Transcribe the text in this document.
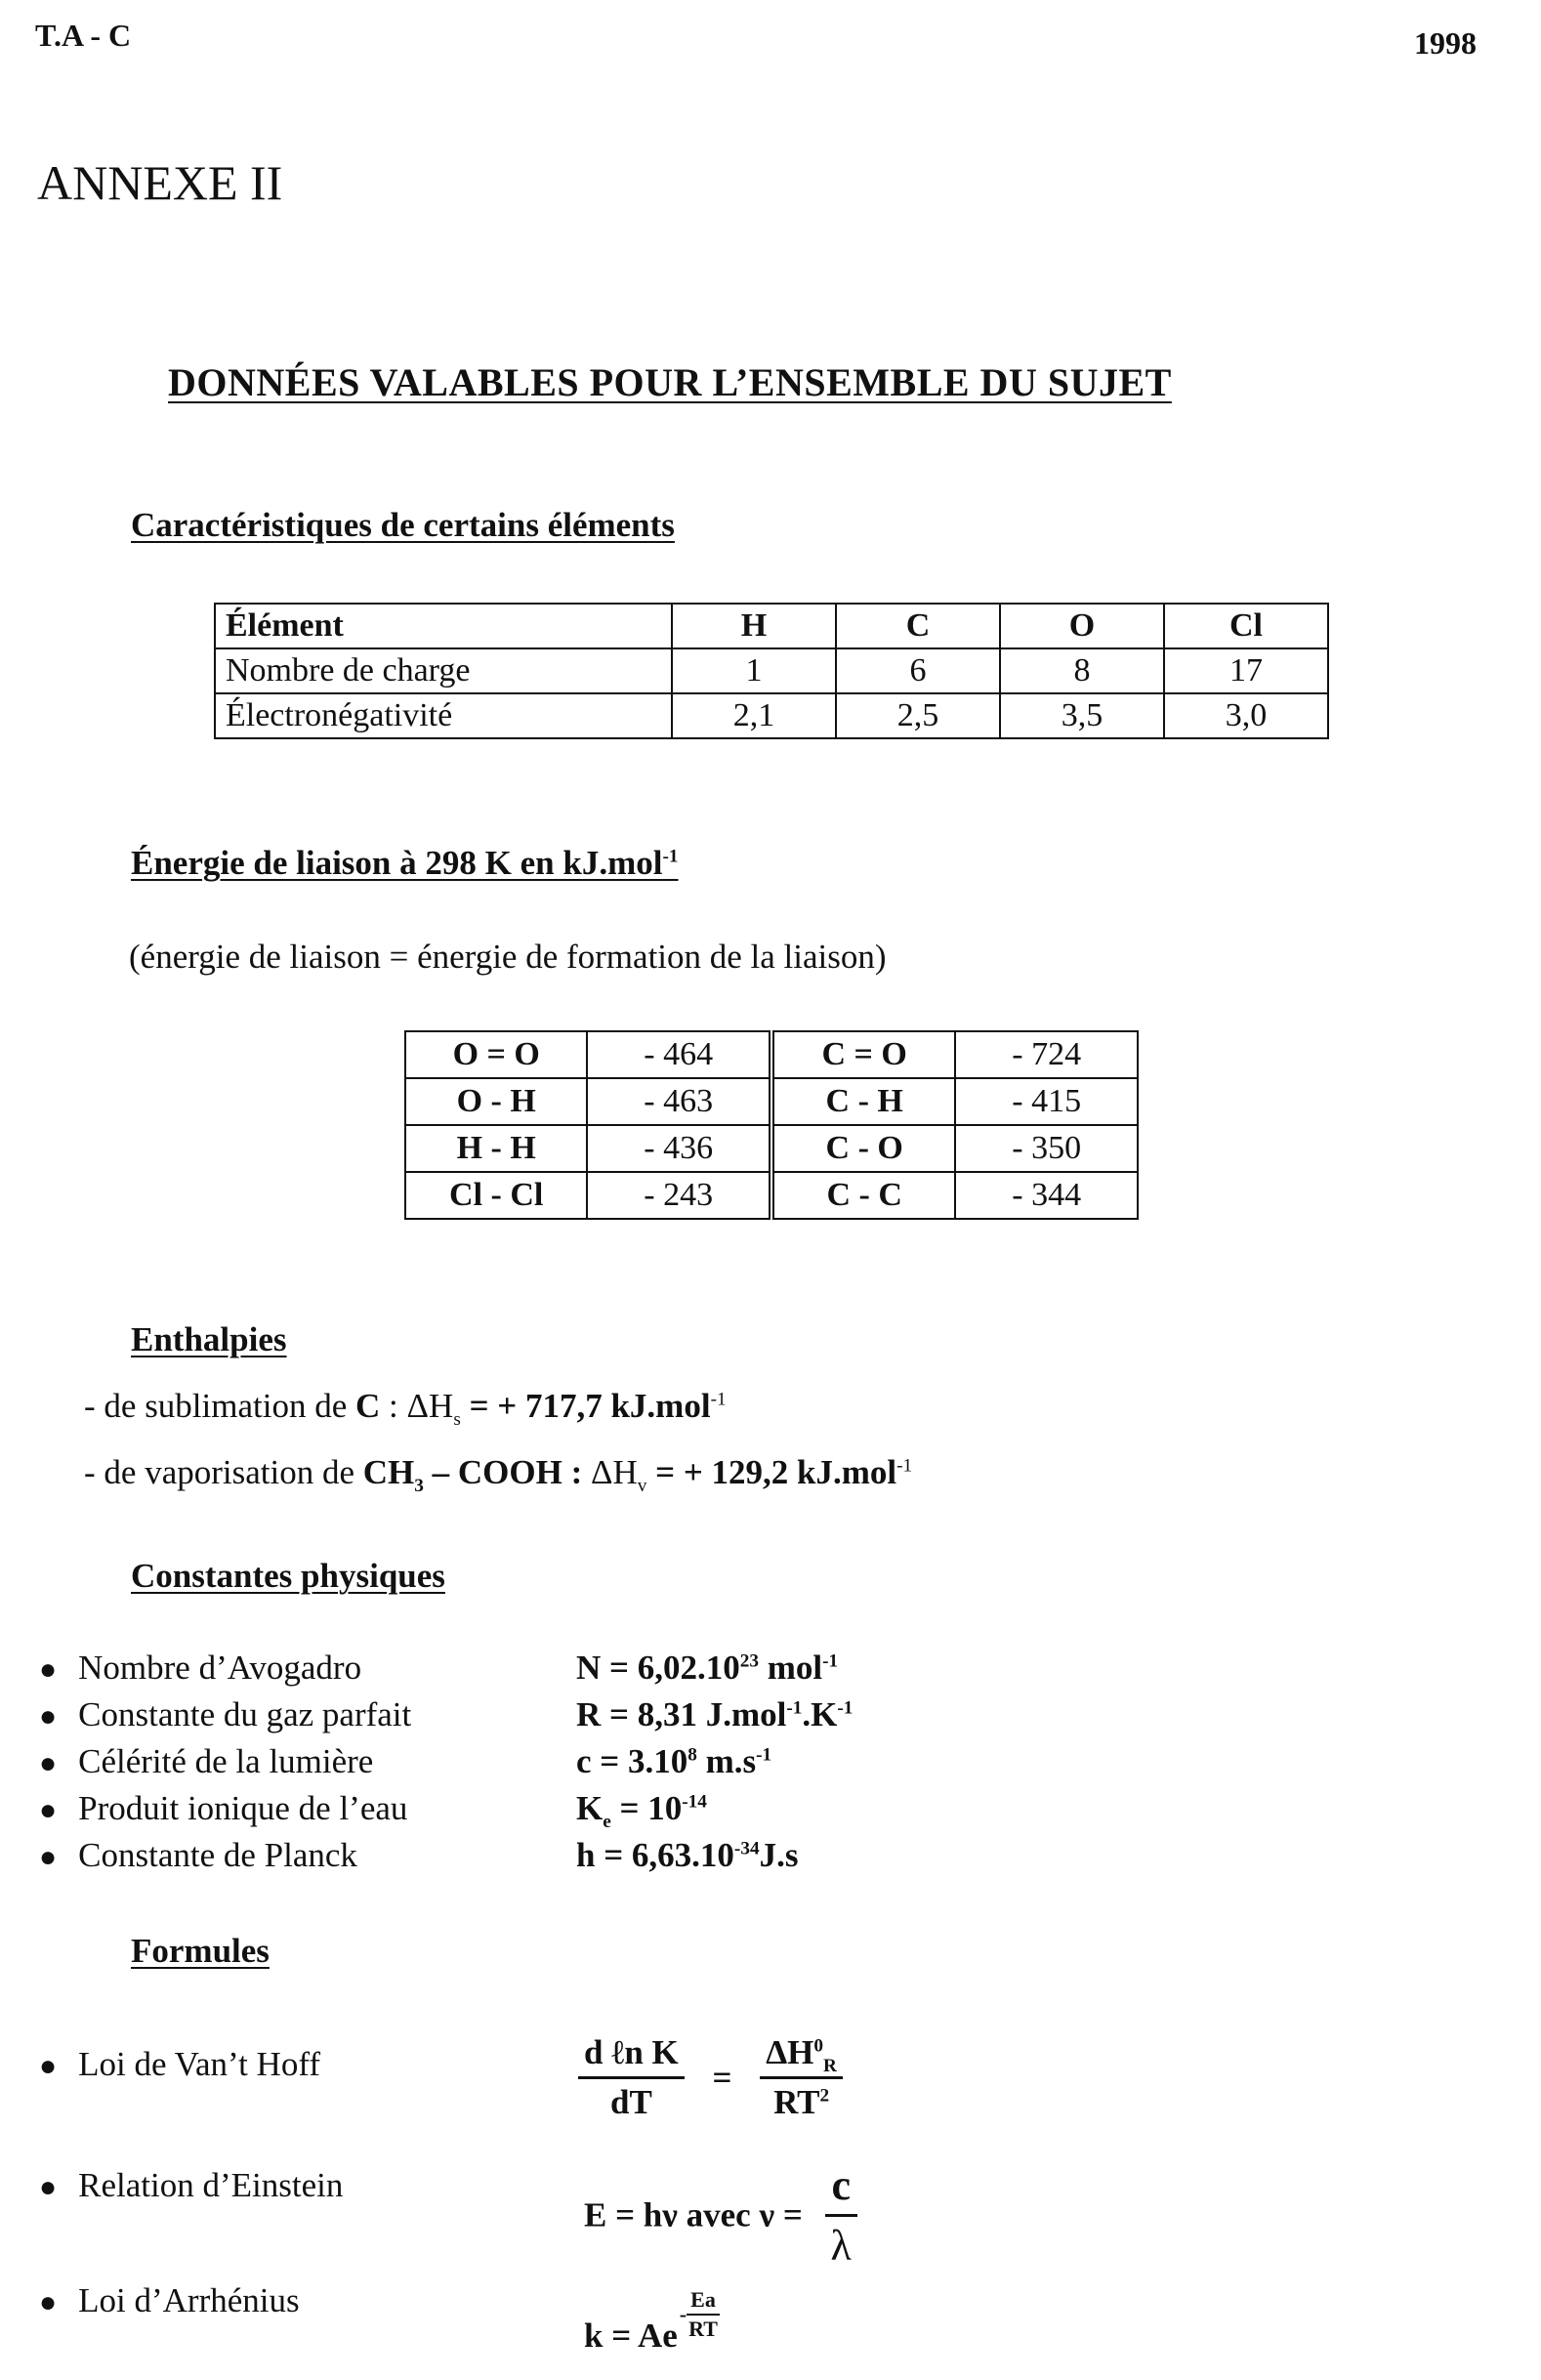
T.A - C	1998
ANNEXE II
DONNÉES VALABLES POUR L’ENSEMBLE DU SUJET
Caractéristiques de certains éléments
Élément	H	C	O	Cl
Nombre de charge	1	6	8	17
Électronégativité	2,1	2,5	3,5	3,0
Énergie de liaison à 298 K en kJ.mol$^{-1}$
(énergie de liaison = énergie de formation de la liaison)
O = O	- 464	C = O	- 724
O - H	- 463	C - H	- 415
H - H	- 436	C - O	- 350
Cl - Cl	- 243	C - C	- 344
Enthalpies
- de sublimation de C : $\Delta H_s$ = + 717,7 kJ.mol$^{-1}$
- de vaporisation de $CH_3$ – COOH : $\Delta H_v$ = + 129,2 kJ.mol$^{-1}$
Constantes physiques
● Nombre d’Avogadro	$N = 6,02.10^{23}$ mol$^{-1}$
● Constante du gaz parfait	R = 8,31 $J.mol^{-1}.K^{-1}$
● Célérité de la lumière	$c = 3.10^8$ $m.s^{-1}$
● Produit ionique de l’eau	$K_e = 10^{-14}$
● Constante de Planck	$h = 6,63.10^{-34}J.s$
Formules
● Loi de Van’t Hoff	$\frac{\text{d ℓn K}}{dT} = \frac{\Delta H^0_R}{RT^2}$
● Relation d’Einstein
E = hν avec $\nu = \frac{c}{\lambda}$
● Loi d’Arrhénius
$k = Ae- \frac{Ea}{RT}$
